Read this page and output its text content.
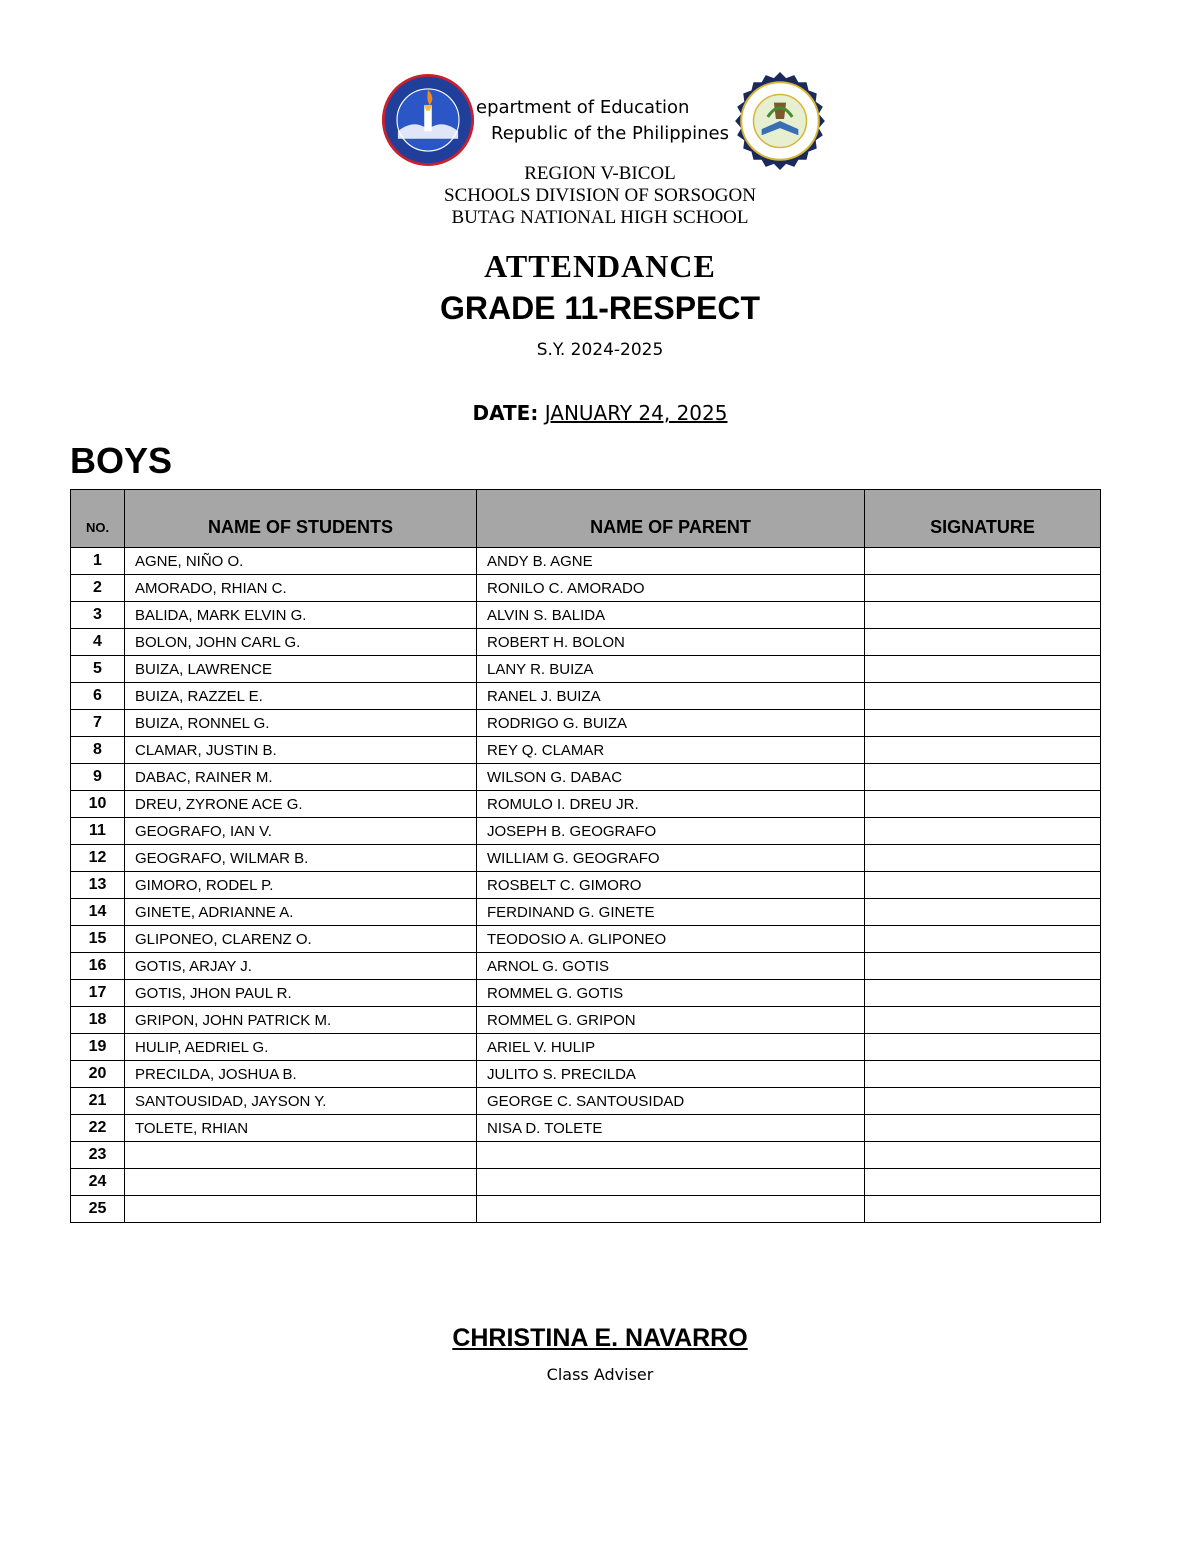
epartment of Education
Republic of the Philippines
REGION V-BICOL
SCHOOLS DIVISION OF SORSOGON
BUTAG NATIONAL HIGH SCHOOL
ATTENDANCE
GRADE 11-RESPECT
S.Y. 2024-2025
DATE: JANUARY 24, 2025
BOYS
NO.	NAME OF STUDENTS	NAME OF PARENT	SIGNATURE
1	AGNE, NIÑO O.	ANDY B. AGNE	
2	AMORADO, RHIAN C.	RONILO C. AMORADO	
3	BALIDA, MARK ELVIN G.	ALVIN S. BALIDA	
4	BOLON, JOHN CARL G.	ROBERT H. BOLON	
5	BUIZA, LAWRENCE	LANY R. BUIZA	
6	BUIZA, RAZZEL E.	RANEL J. BUIZA	
7	BUIZA, RONNEL G.	RODRIGO G. BUIZA	
8	CLAMAR, JUSTIN B.	REY Q. CLAMAR	
9	DABAC, RAINER M.	WILSON G. DABAC	
10	DREU, ZYRONE ACE G.	ROMULO I. DREU JR.	
11	GEOGRAFO, IAN V.	JOSEPH B. GEOGRAFO	
12	GEOGRAFO, WILMAR B.	WILLIAM G. GEOGRAFO	
13	GIMORO, RODEL P.	ROSBELT C. GIMORO	
14	GINETE, ADRIANNE A.	FERDINAND G. GINETE	
15	GLIPONEO, CLARENZ O.	TEODOSIO A. GLIPONEO	
16	GOTIS, ARJAY J.	ARNOL G. GOTIS	
17	GOTIS, JHON PAUL R.	ROMMEL G. GOTIS	
18	GRIPON, JOHN PATRICK M.	ROMMEL G. GRIPON	
19	HULIP, AEDRIEL G.	ARIEL V. HULIP	
20	PRECILDA, JOSHUA B.	JULITO S. PRECILDA	
21	SANTOUSIDAD, JAYSON Y.	GEORGE C. SANTOUSIDAD	
22	TOLETE, RHIAN	NISA D. TOLETE	
23			
24			
25			
CHRISTINA E. NAVARRO
Class Adviser
